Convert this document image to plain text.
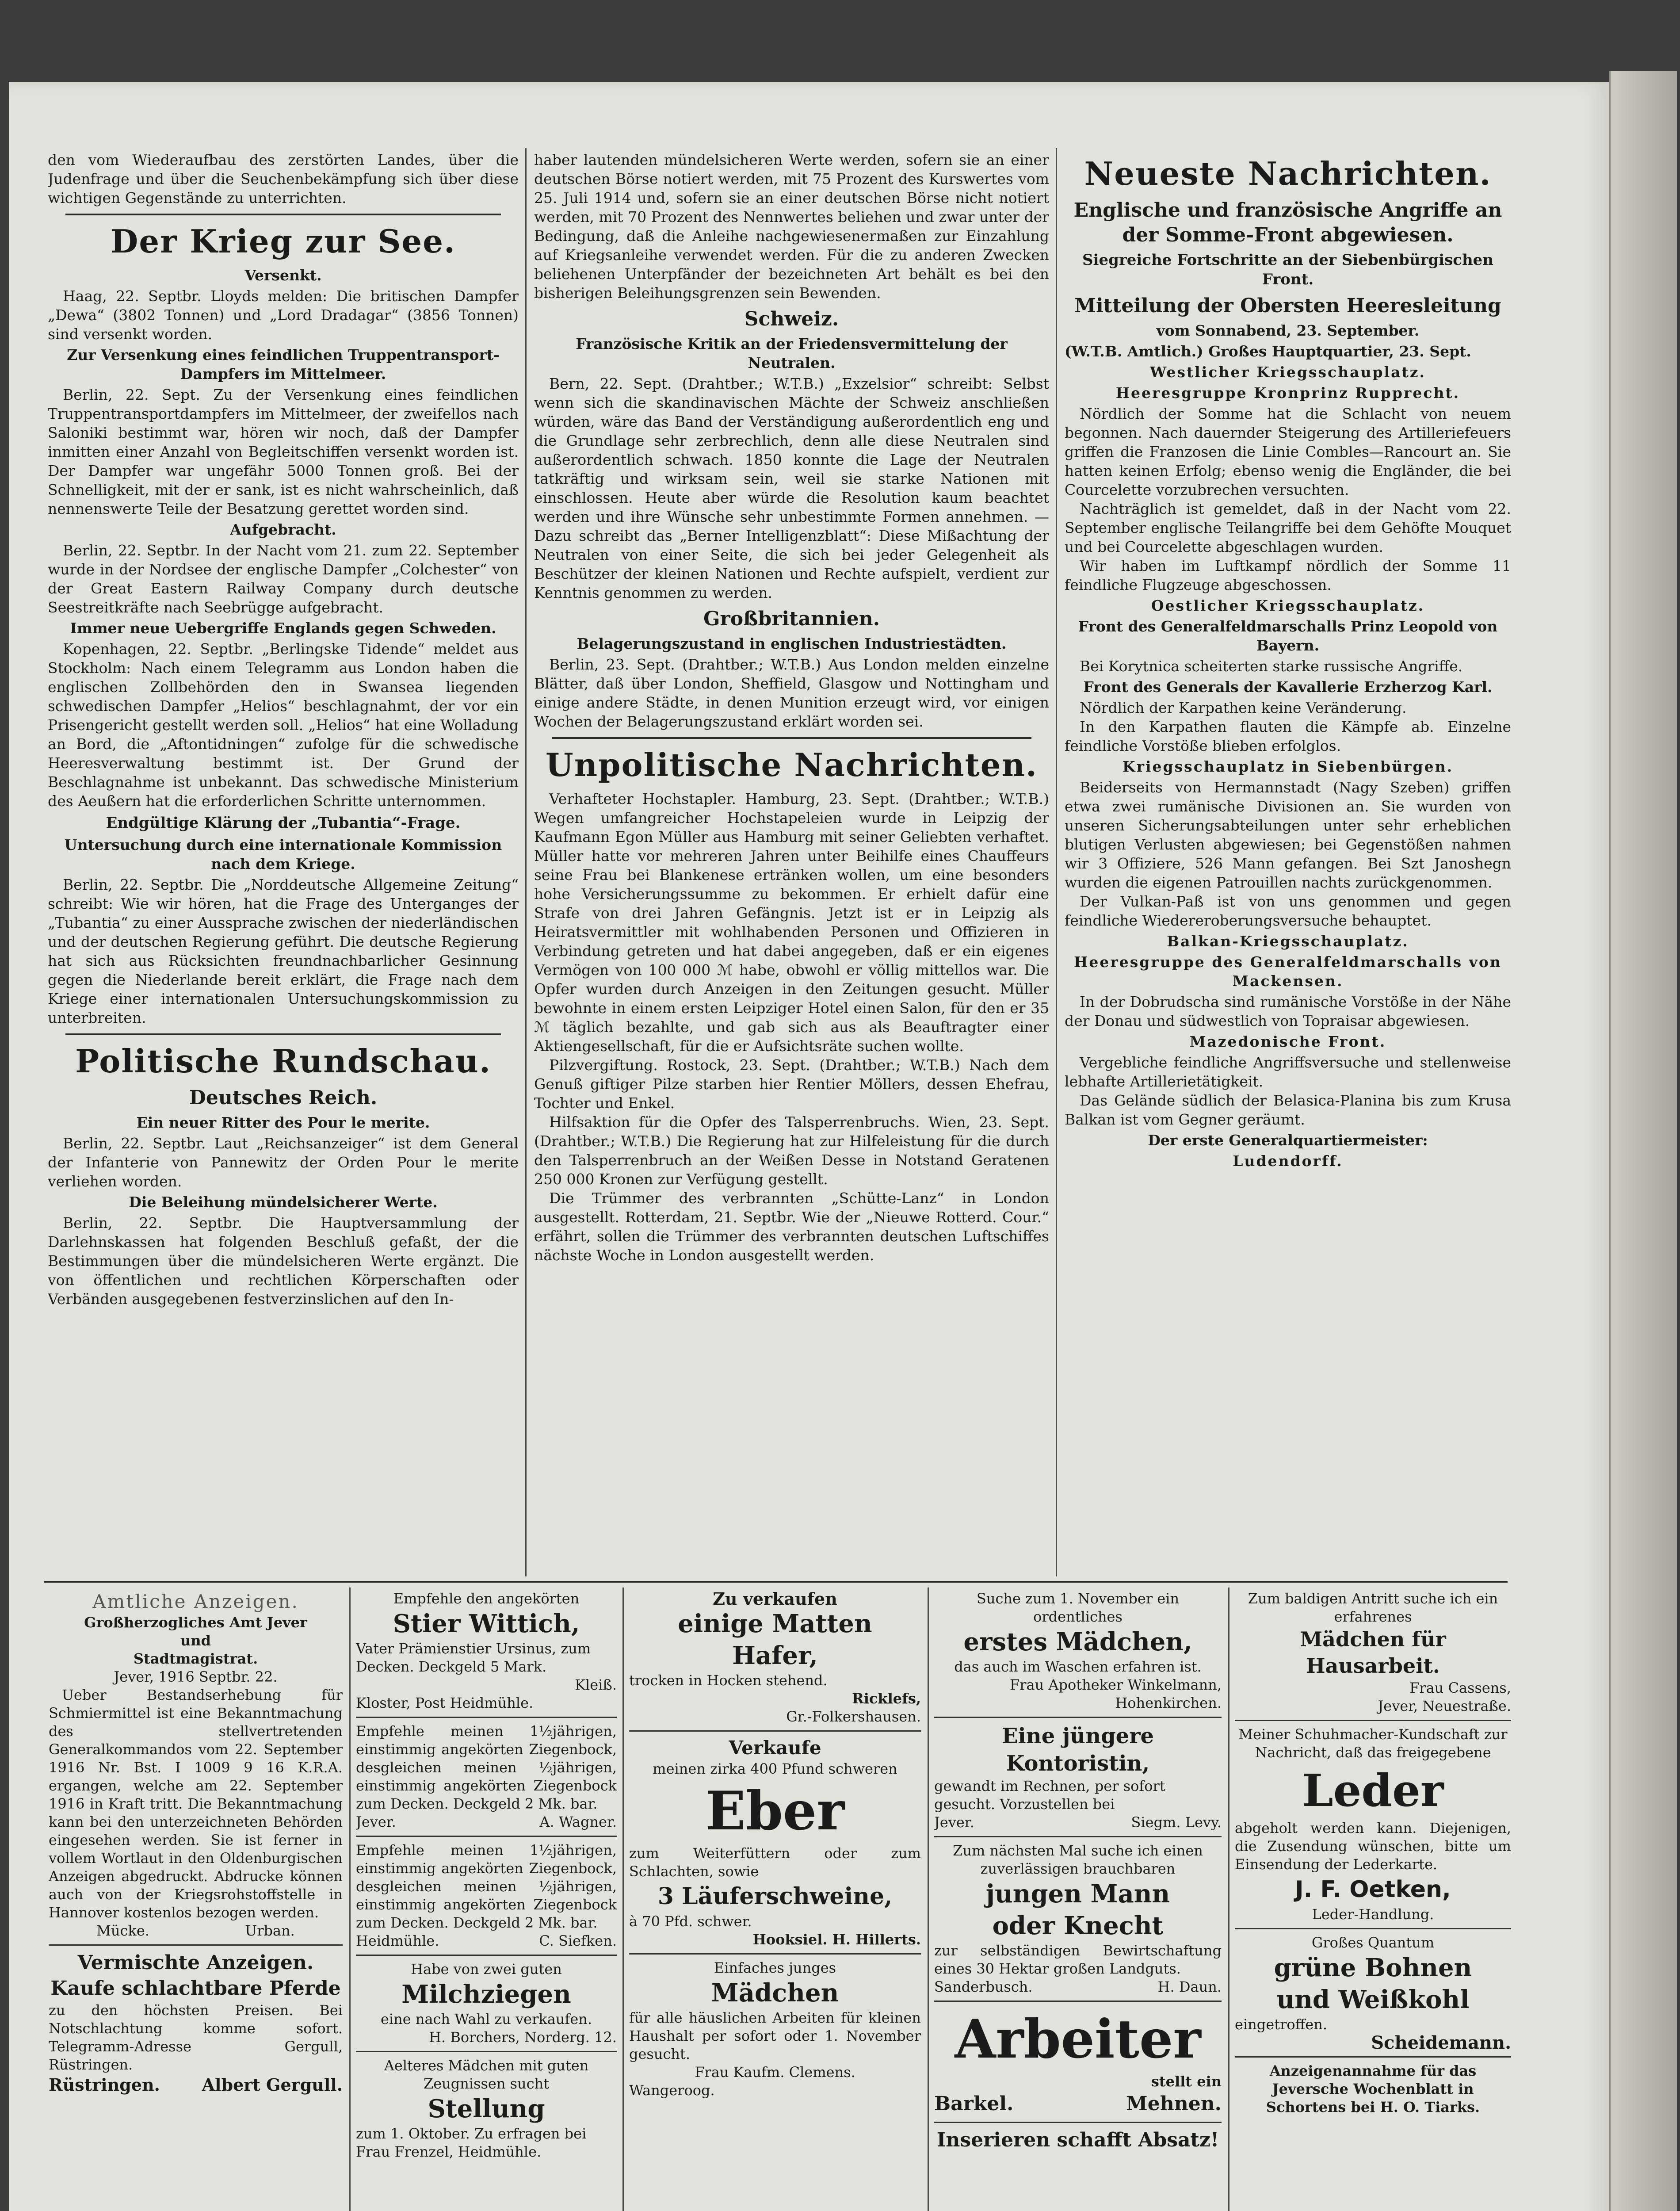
den vom Wiederaufbau des zerstörten Landes, über die Judenfrage und über die Seuchenbekämpfung sich über diese wichtigen Gegenstände zu unterrichten.

Der Krieg zur See.
Versenkt.

Haag, 22. Septbr. Lloyds melden: Die britischen Dampfer „Dewa“ (3802 Tonnen) und „Lord Dradagar“ (3856 Tonnen) sind versenkt worden.

Zur Versenkung eines feindlichen Truppentransport-Dampfers im Mittelmeer.

Berlin, 22. Sept. Zu der Versenkung eines feindlichen Truppentransportdampfers im Mittelmeer, der zweifellos nach Saloniki bestimmt war, hören wir noch, daß der Dampfer inmitten einer Anzahl von Begleitschiffen versenkt worden ist. Der Dampfer war ungefähr 5000 Tonnen groß. Bei der Schnelligkeit, mit der er sank, ist es nicht wahrscheinlich, daß nennenswerte Teile der Besatzung gerettet worden sind.

Aufgebracht.

Berlin, 22. Septbr. In der Nacht vom 21. zum 22. September wurde in der Nordsee der englische Dampfer „Colchester“ von der Great Eastern Railway Company durch deutsche Seestreitkräfte nach Seebrügge aufgebracht.

Immer neue Uebergriffe Englands gegen Schweden.

Kopenhagen, 22. Septbr. „Berlingske Tidende“ meldet aus Stockholm: Nach einem Telegramm aus London haben die englischen Zollbehörden den in Swansea liegenden schwedischen Dampfer „Helios“ beschlagnahmt, der vor ein Prisengericht gestellt werden soll. „Helios“ hat eine Wolladung an Bord, die „Aftontidningen“ zufolge für die schwedische Heeresverwaltung bestimmt ist. Der Grund der Beschlagnahme ist unbekannt. Das schwedische Ministerium des Aeußern hat die erforderlichen Schritte unternommen.

Endgültige Klärung der „Tubantia“-Frage.
Untersuchung durch eine internationale Kommission nach dem Kriege.

Berlin, 22. Septbr. Die „Norddeutsche Allgemeine Zeitung“ schreibt: Wie wir hören, hat die Frage des Unterganges der „Tubantia“ zu einer Aussprache zwischen der niederländischen und der deutschen Regierung geführt. Die deutsche Regierung hat sich aus Rücksichten freundnachbarlicher Gesinnung gegen die Niederlande bereit erklärt, die Frage nach dem Kriege einer internationalen Untersuchungskommission zu unterbreiten.

Politische Rundschau.
Deutsches Reich.
Ein neuer Ritter des Pour le merite.

Berlin, 22. Septbr. Laut „Reichsanzeiger“ ist dem General der Infanterie von Pannewitz der Orden Pour le merite verliehen worden.

Die Beleihung mündelsicherer Werte.

Berlin, 22. Septbr. Die Hauptversammlung der Darlehnskassen hat folgenden Beschluß gefaßt, der die Bestimmungen über die mündelsicheren Werte ergänzt. Die von öffentlichen und rechtlichen Körperschaften oder Verbänden ausgegebenen festverzinslichen auf den In-

haber lautenden mündelsicheren Werte werden, sofern sie an einer deutschen Börse notiert werden, mit 75 Prozent des Kurswertes vom 25. Juli 1914 und, sofern sie an einer deutschen Börse nicht notiert werden, mit 70 Prozent des Nennwertes beliehen und zwar unter der Bedingung, daß die Anleihe nachgewiesenermaßen zur Einzahlung auf Kriegsanleihe verwendet werden. Für die zu anderen Zwecken beliehenen Unterpfänder der bezeichneten Art behält es bei den bisherigen Beleihungsgrenzen sein Bewenden.

Schweiz.
Französische Kritik an der Friedensvermittelung der Neutralen.

Bern, 22. Sept. (Drahtber.; W.T.B.) „Exzelsior“ schreibt: Selbst wenn sich die skandinavischen Mächte der Schweiz anschließen würden, wäre das Band der Verständigung außerordentlich eng und die Grundlage sehr zerbrechlich, denn alle diese Neutralen sind außerordentlich schwach. 1850 konnte die Lage der Neutralen tatkräftig und wirksam sein, weil sie starke Nationen mit einschlossen. Heute aber würde die Resolution kaum beachtet werden und ihre Wünsche sehr unbestimmte Formen annehmen. — Dazu schreibt das „Berner Intelligenzblatt“: Diese Mißachtung der Neutralen von einer Seite, die sich bei jeder Gelegenheit als Beschützer der kleinen Nationen und Rechte aufspielt, verdient zur Kenntnis genommen zu werden.

Großbritannien.
Belagerungszustand in englischen Industriestädten.

Berlin, 23. Sept. (Drahtber.; W.T.B.) Aus London melden einzelne Blätter, daß über London, Sheffield, Glasgow und Nottingham und einige andere Städte, in denen Munition erzeugt wird, vor einigen Wochen der Belagerungszustand erklärt worden sei.

Unpolitische Nachrichten.

Verhafteter Hochstapler. Hamburg, 23. Sept. (Drahtber.; W.T.B.) Wegen umfangreicher Hochstapeleien wurde in Leipzig der Kaufmann Egon Müller aus Hamburg mit seiner Geliebten verhaftet. Müller hatte vor mehreren Jahren unter Beihilfe eines Chauffeurs seine Frau bei Blankenese ertränken wollen, um eine besonders hohe Versicherungssumme zu bekommen. Er erhielt dafür eine Strafe von drei Jahren Gefängnis. Jetzt ist er in Leipzig als Heiratsvermittler mit wohlhabenden Personen und Offizieren in Verbindung getreten und hat dabei angegeben, daß er ein eigenes Vermögen von 100 000 ℳ habe, obwohl er völlig mittellos war. Die Opfer wurden durch Anzeigen in den Zeitungen gesucht. Müller bewohnte in einem ersten Leipziger Hotel einen Salon, für den er 35 ℳ täglich bezahlte, und gab sich aus als Beauftragter einer Aktiengesellschaft, für die er Aufsichtsräte suchen wollte.

Pilzvergiftung. Rostock, 23. Sept. (Drahtber.; W.T.B.) Nach dem Genuß giftiger Pilze starben hier Rentier Möllers, dessen Ehefrau, Tochter und Enkel.

Hilfsaktion für die Opfer des Talsperrenbruchs. Wien, 23. Sept. (Drahtber.; W.T.B.) Die Regierung hat zur Hilfeleistung für die durch den Talsperrenbruch an der Weißen Desse in Notstand Geratenen 250 000 Kronen zur Verfügung gestellt.

Die Trümmer des verbrannten „Schütte-Lanz“ in London ausgestellt. Rotterdam, 21. Septbr. Wie der „Nieuwe Rotterd. Cour.“ erfährt, sollen die Trümmer des verbrannten deutschen Luftschiffes nächste Woche in London ausgestellt werden.

Neueste Nachrichten.
Englische und französische Angriffe an der Somme-Front abgewiesen.
Siegreiche Fortschritte an der Siebenbürgischen Front.
Mitteilung der Obersten Heeresleitung
vom Sonnabend, 23. September.

(W.T.B. Amtlich.) Großes Hauptquartier, 23. Sept.

Westlicher Kriegsschauplatz.
Heeresgruppe Kronprinz Rupprecht.

Nördlich der Somme hat die Schlacht von neuem begonnen. Nach dauernder Steigerung des Artilleriefeuers griffen die Franzosen die Linie Combles—Rancourt an. Sie hatten keinen Erfolg; ebenso wenig die Engländer, die bei Courcelette vorzubrechen versuchten.

Nachträglich ist gemeldet, daß in der Nacht vom 22. September englische Teilangriffe bei dem Gehöfte Mouquet und bei Courcelette abgeschlagen wurden.

Wir haben im Luftkampf nördlich der Somme 11 feindliche Flugzeuge abgeschossen.

Oestlicher Kriegsschauplatz.
Front des Generalfeldmarschalls Prinz Leopold von Bayern.

Bei Korytnica scheiterten starke russische Angriffe.

Front des Generals der Kavallerie Erzherzog Karl.

Nördlich der Karpathen keine Veränderung.

In den Karpathen flauten die Kämpfe ab. Einzelne feindliche Vorstöße blieben erfolglos.

Kriegsschauplatz in Siebenbürgen.

Beiderseits von Hermannstadt (Nagy Szeben) griffen etwa zwei rumänische Divisionen an. Sie wurden von unseren Sicherungsabteilungen unter sehr erheblichen blutigen Verlusten abgewiesen; bei Gegenstößen nahmen wir 3 Offiziere, 526 Mann gefangen. Bei Szt Janoshegn wurden die eigenen Patrouillen nachts zurückgenommen.

Der Vulkan-Paß ist von uns genommen und gegen feindliche Wiedereroberungsversuche behauptet.

Balkan-Kriegsschauplatz.
Heeresgruppe des Generalfeldmarschalls von Mackensen.

In der Dobrudscha sind rumänische Vorstöße in der Nähe der Donau und südwestlich von Topraisar abgewiesen.

Mazedonische Front.

Vergebliche feindliche Angriffsversuche und stellenweise lebhafte Artillerietätigkeit.

Das Gelände südlich der Belasica-Planina bis zum Krusa Balkan ist vom Gegner geräumt.

Der erste Generalquartiermeister:
Ludendorff.
Amtliche Anzeigen.
Großherzogliches Amt Jever
und
Stadtmagistrat.
Jever, 1916 Septbr. 22.
Ueber Bestandserhebung für Schmiermittel ist eine Bekanntmachung des stellvertretenden Generalkommandos vom 22. September 1916 Nr. Bst. I 1009 9 16 K.R.A. ergangen, welche am 22. September 1916 in Kraft tritt. Die Bekanntmachung kann bei den unterzeichneten Behörden eingesehen werden. Sie ist ferner in vollem Wortlaut in den Oldenburgischen Anzeigen abgedruckt. Abdrucke können auch von der Kriegsrohstoffstelle in Hannover kostenlos bezogen werden.
Mücke.	Urban.
Vermischte Anzeigen.
Kaufe schlachtbare Pferde
zu den höchsten Preisen. Bei Notschlachtung komme sofort. Telegramm-Adresse Gergull, Rüstringen.
Rüstringen. Albert Gergull.
Empfehle den angekörten
Stier Wittich,
Vater Prämienstier Ursinus, zum Decken. Deckgeld 5 Mark.
Kleiß.
Kloster, Post Heidmühle.
Empfehle meinen 1½jährigen, einstimmig angekörten Ziegenbock, desgleichen meinen ½jährigen, einstimmig angekörten Ziegenbock zum Decken. Deckgeld 2 Mk. bar.
Jever.	A. Wagner.
Empfehle meinen 1½jährigen, einstimmig angekörten Ziegenbock, desgleichen meinen ½jährigen, einstimmig angekörten Ziegenbock zum Decken. Deckgeld 2 Mk. bar.
Heidmühle.	C. Siefken.
Habe von zwei guten
Milchziegen
eine nach Wahl zu verkaufen.
H. Borchers, Norderg. 12.
Aelteres Mädchen mit guten Zeugnissen sucht
Stellung
zum 1. Oktober. Zu erfragen bei Frau Frenzel, Heidmühle.
Zu verkaufen
einige Matten
Hafer,
trocken in Hocken stehend.
Ricklefs,
Gr.-Folkershausen.
Verkaufe
meinen zirka 400 Pfund schweren
Eber
zum Weiterfüttern oder zum Schlachten, sowie
3 Läuferschweine,
à 70 Pfd. schwer.
Hooksiel. H. Hillerts.
Einfaches junges
Mädchen
für alle häuslichen Arbeiten für kleinen Haushalt per sofort oder 1. November gesucht.
Frau Kaufm. Clemens.
Wangeroog.
Suche zum 1. November ein ordentliches
erstes Mädchen,
das auch im Waschen erfahren ist.
Frau Apotheker Winkelmann, Hohenkirchen.
Eine jüngere Kontoristin,
gewandt im Rechnen, per sofort gesucht. Vorzustellen bei
Jever.	Siegm. Levy.
Zum nächsten Mal suche ich einen zuverlässigen brauchbaren
jungen Mann
oder Knecht
zur selbständigen Bewirtschaftung eines 30 Hektar großen Landguts.
Sanderbusch.	H. Daun.
Arbeiter
stellt ein
Barkel.	Mehnen.
Inserieren schafft Absatz!
Zum baldigen Antritt suche ich ein erfahrenes
Mädchen für Hausarbeit.
Frau Cassens,
Jever, Neuestraße.
Meiner Schuhmacher-Kundschaft zur Nachricht, daß das freigegebene
Leder
abgeholt werden kann. Diejenigen, die Zusendung wünschen, bitte um Einsendung der Lederkarte.
J. F. Oetken,
Leder-Handlung.
Großes Quantum
grüne Bohnen
und Weißkohl
eingetroffen.
Scheidemann.
Anzeigenannahme für das Jeversche Wochenblatt in Schortens bei H. O. Tiarks.
